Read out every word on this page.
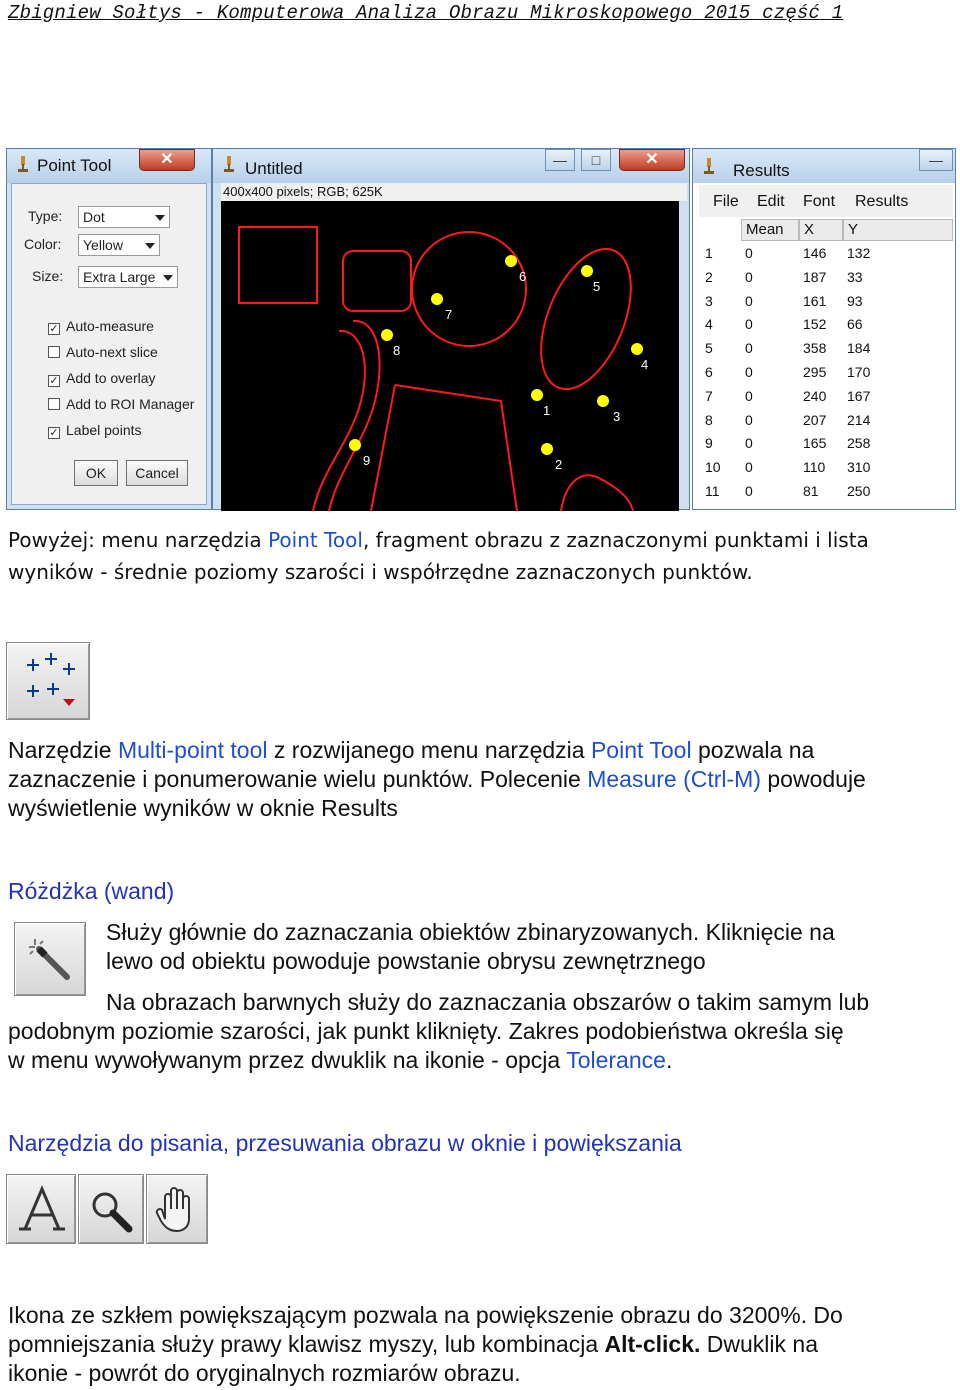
Zbigniew Sołtys - Komputerowa Analiza Obrazu Mikroskopowego 2015 część 1
Point Tool	✕
Type:	Dot
Color:	Yellow
Size:	Extra Large
✓ Auto-measure
Auto-next slice
✓ Add to overlay
Add to ROI Manager
✓ Label points
OK	Cancel
Untitled	—	□	✕
400x400 pixels; RGB; 625K
1
2
3
4
5
6
7
8
9
Results
—
File Edit Font Results
Mean	X	Y
1 0	146 132
2 0	187 33
3 0	161 93
4 0	152 66
5 0	358 184
6 0	295 170
7 0	240 167
8 0	207 214
9 0	165 258
10 0	110 310
11 0	81 250
Powyżej: menu narzędzia Point Tool, fragment obrazu z zaznaczonymi punktami i lista
wyników - średnie poziomy szarości i współrzędne zaznaczonych punktów.
Narzędzie Multi-point tool z rozwijanego menu narzędzia Point Tool pozwala na
zaznaczenie i ponumerowanie wielu punktów. Polecenie Measure (Ctrl-M) powoduje
wyświetlenie wyników w oknie Results
Różdżka (wand)
Służy głównie do zaznaczania obiektów zbinaryzowanych. Kliknięcie na
lewo od obiektu powoduje powstanie obrysu zewnętrznego
Na obrazach barwnych służy do zaznaczania obszarów o takim samym lub
podobnym poziomie szarości, jak punkt kliknięty. Zakres podobieństwa określa się
w menu wywoływanym przez dwuklik na ikonie - opcja Tolerance.
Narzędzia do pisania, przesuwania obrazu w oknie i powiększania
Ikona ze szkłem powiększającym pozwala na powiększenie obrazu do 3200%. Do
pomniejszania służy prawy klawisz myszy, lub kombinacja Alt-click. Dwuklik na
ikonie - powrót do oryginalnych rozmiarów obrazu.
